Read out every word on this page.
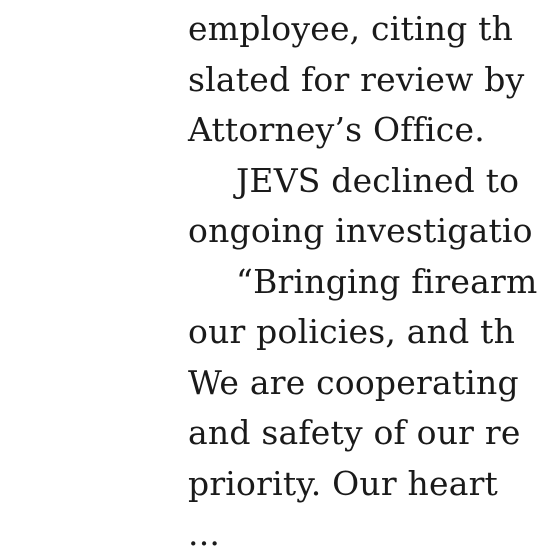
employee, citing th
slated for review by
Attorney’s Office.
JEVS declined to
ongoing investigatio
“Bringing firearm
our policies, and th
We are cooperating
and safety of our re
priority. Our heart
...
